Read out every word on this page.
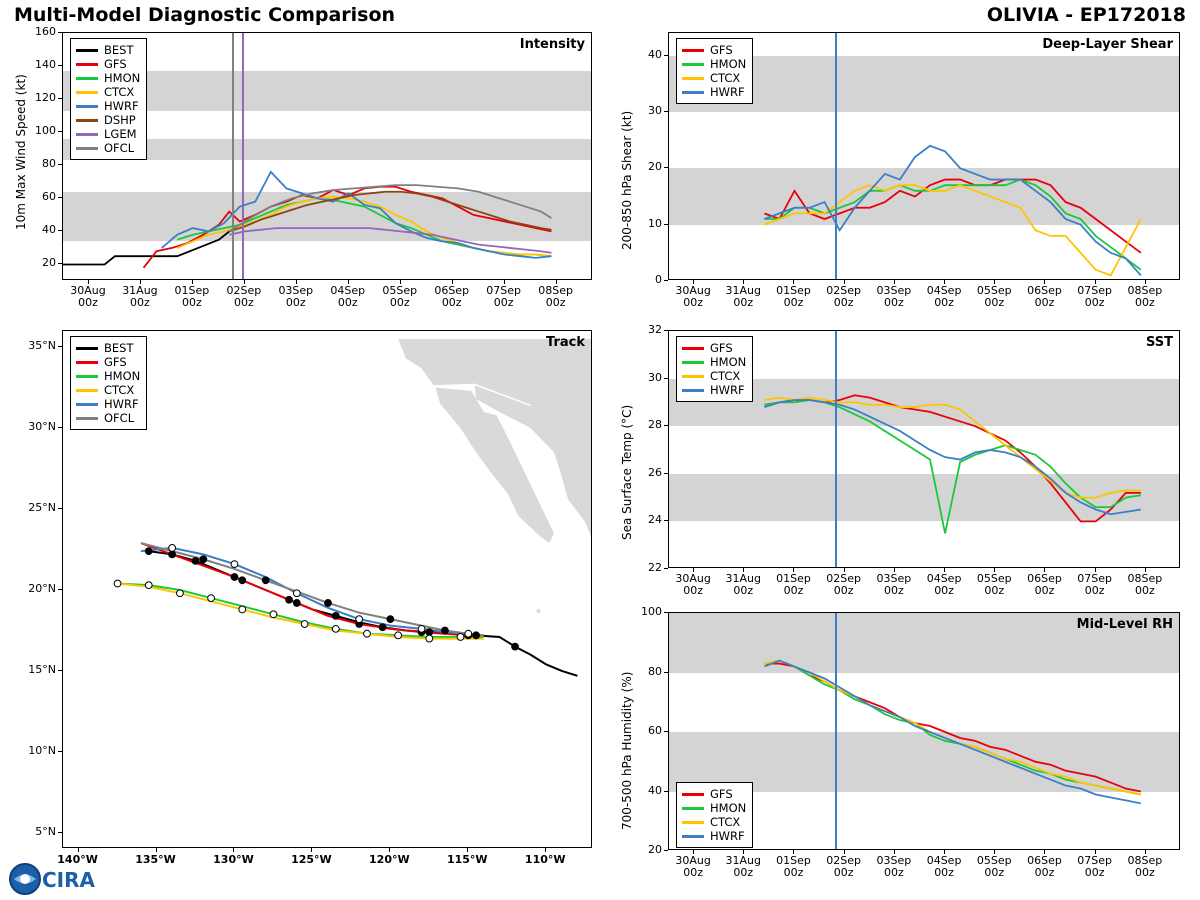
Multi-Model Diagnostic Comparison	OLIVIA - EP172018
Intensity
10m Max Wind Speed (kt)
20
40
60
80
100
120
140
160
30Aug
00z
31Aug
00z
01Sep
00z
02Sep
00z
03Sep
00z
04Sep
00z
05Sep
00z
06Sep
00z
07Sep
00z
08Sep
00z
BEST
GFS
HMON
CTCX
HWRF
DSHP
LGEM
OFCL
Track
5°N
10°N
15°N
20°N
25°N
30°N
35°N
140°W	135°W	130°W	125°W	120°W	115°W	110°W
BEST
GFS
HMON
CTCX
HWRF
OFCL
Deep-Layer Shear
200-850 hPa Shear (kt)
0
10
20
30
40
30Aug
00z
31Aug
00z
01Sep
00z
02Sep
00z
03Sep
00z
04Sep
00z
05Sep
00z
06Sep
00z
07Sep
00z
08Sep
00z
GFS
HMON
CTCX
HWRF
SST
Sea Surface Temp (°C)
22
24
26
28
30
32
30Aug
00z
31Aug
00z
01Sep
00z
02Sep
00z
03Sep
00z
04Sep
00z
05Sep
00z
06Sep
00z
07Sep
00z
08Sep
00z
GFS
HMON
CTCX
HWRF
Mid-Level RH
700-500 hPa Humidity (%)
20
40
60
80
100
30Aug
00z
31Aug
00z
01Sep
00z
02Sep
00z
03Sep
00z
04Sep
00z
05Sep
00z
06Sep
00z
07Sep
00z
08Sep
00z
GFS
HMON
CTCX
HWRF
CIRA
